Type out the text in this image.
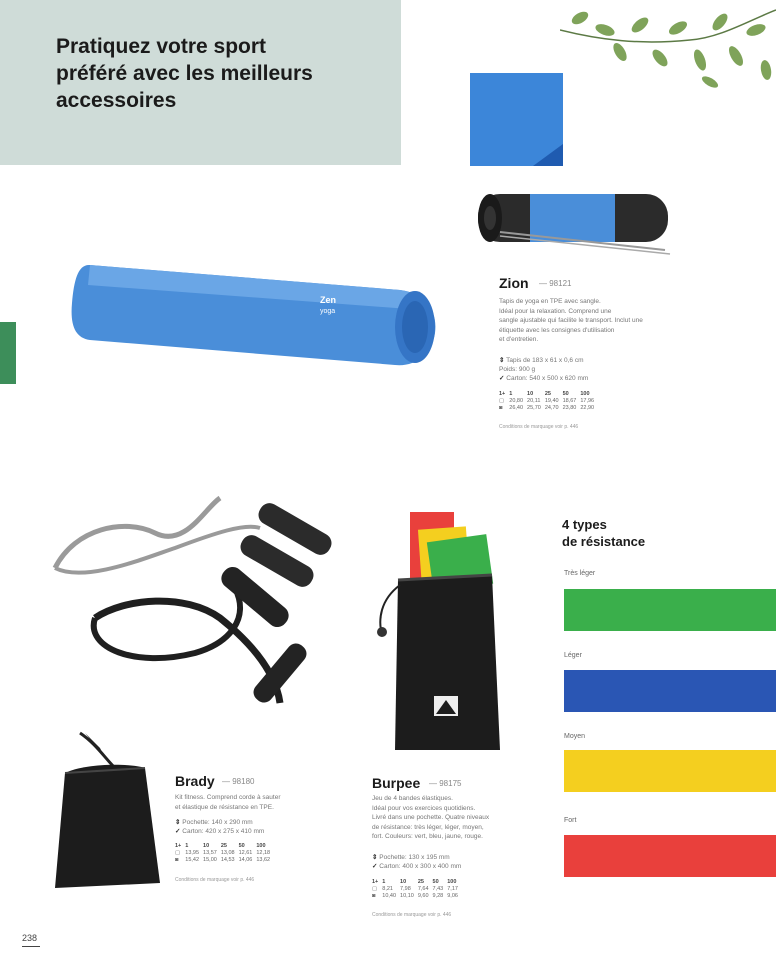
Pratiquez votre sport
préféré avec les meilleurs
accessoires
Zen
yoga
Zion — 98121
Tapis de yoga en TPE avec sangle.
Idéal pour la relaxation. Comprend une
sangle ajustable qui facilite le transport. Inclut une
étiquette avec les consignes d'utilisation
et d'entretien.
⇕ Tapis de 183 x 61 x 0,6 cm
Poids: 900 g
✓ Carton: 540 x 500 x 620 mm
1+	1	10	25	50	100
▢	20,80	20,11	19,40	18,67	17,96
◙	26,40	25,70	24,70	23,80	22,90
Conditions de marquage voir p. 446
Brady — 98180
Kit fitness. Comprend corde à sauter
et élastique de résistance en TPE.
⇕ Pochette: 140 x 290 mm
✓ Carton: 420 x 275 x 410 mm
1+	1	10	25	50	100
▢	13,95	13,57	13,08	12,61	12,18
◙	15,42	15,00	14,53	14,06	13,62
Conditions de marquage voir p. 446
Burpee — 98175
Jeu de 4 bandes élastiques.
Idéal pour vos exercices quotidiens.
Livré dans une pochette. Quatre niveaux
de résistance: très léger, léger, moyen,
fort. Couleurs: vert, bleu, jaune, rouge.
⇕ Pochette: 130 x 195 mm
✓ Carton: 400 x 300 x 400 mm
1+	1	10	25	50	100
▢	8,21	7,98	7,64	7,43	7,17
◙	10,40	10,10	9,60	9,28	9,06
Conditions de marquage voir p. 446
4 types
de résistance
Très léger
Léger
Moyen
Fort
238
